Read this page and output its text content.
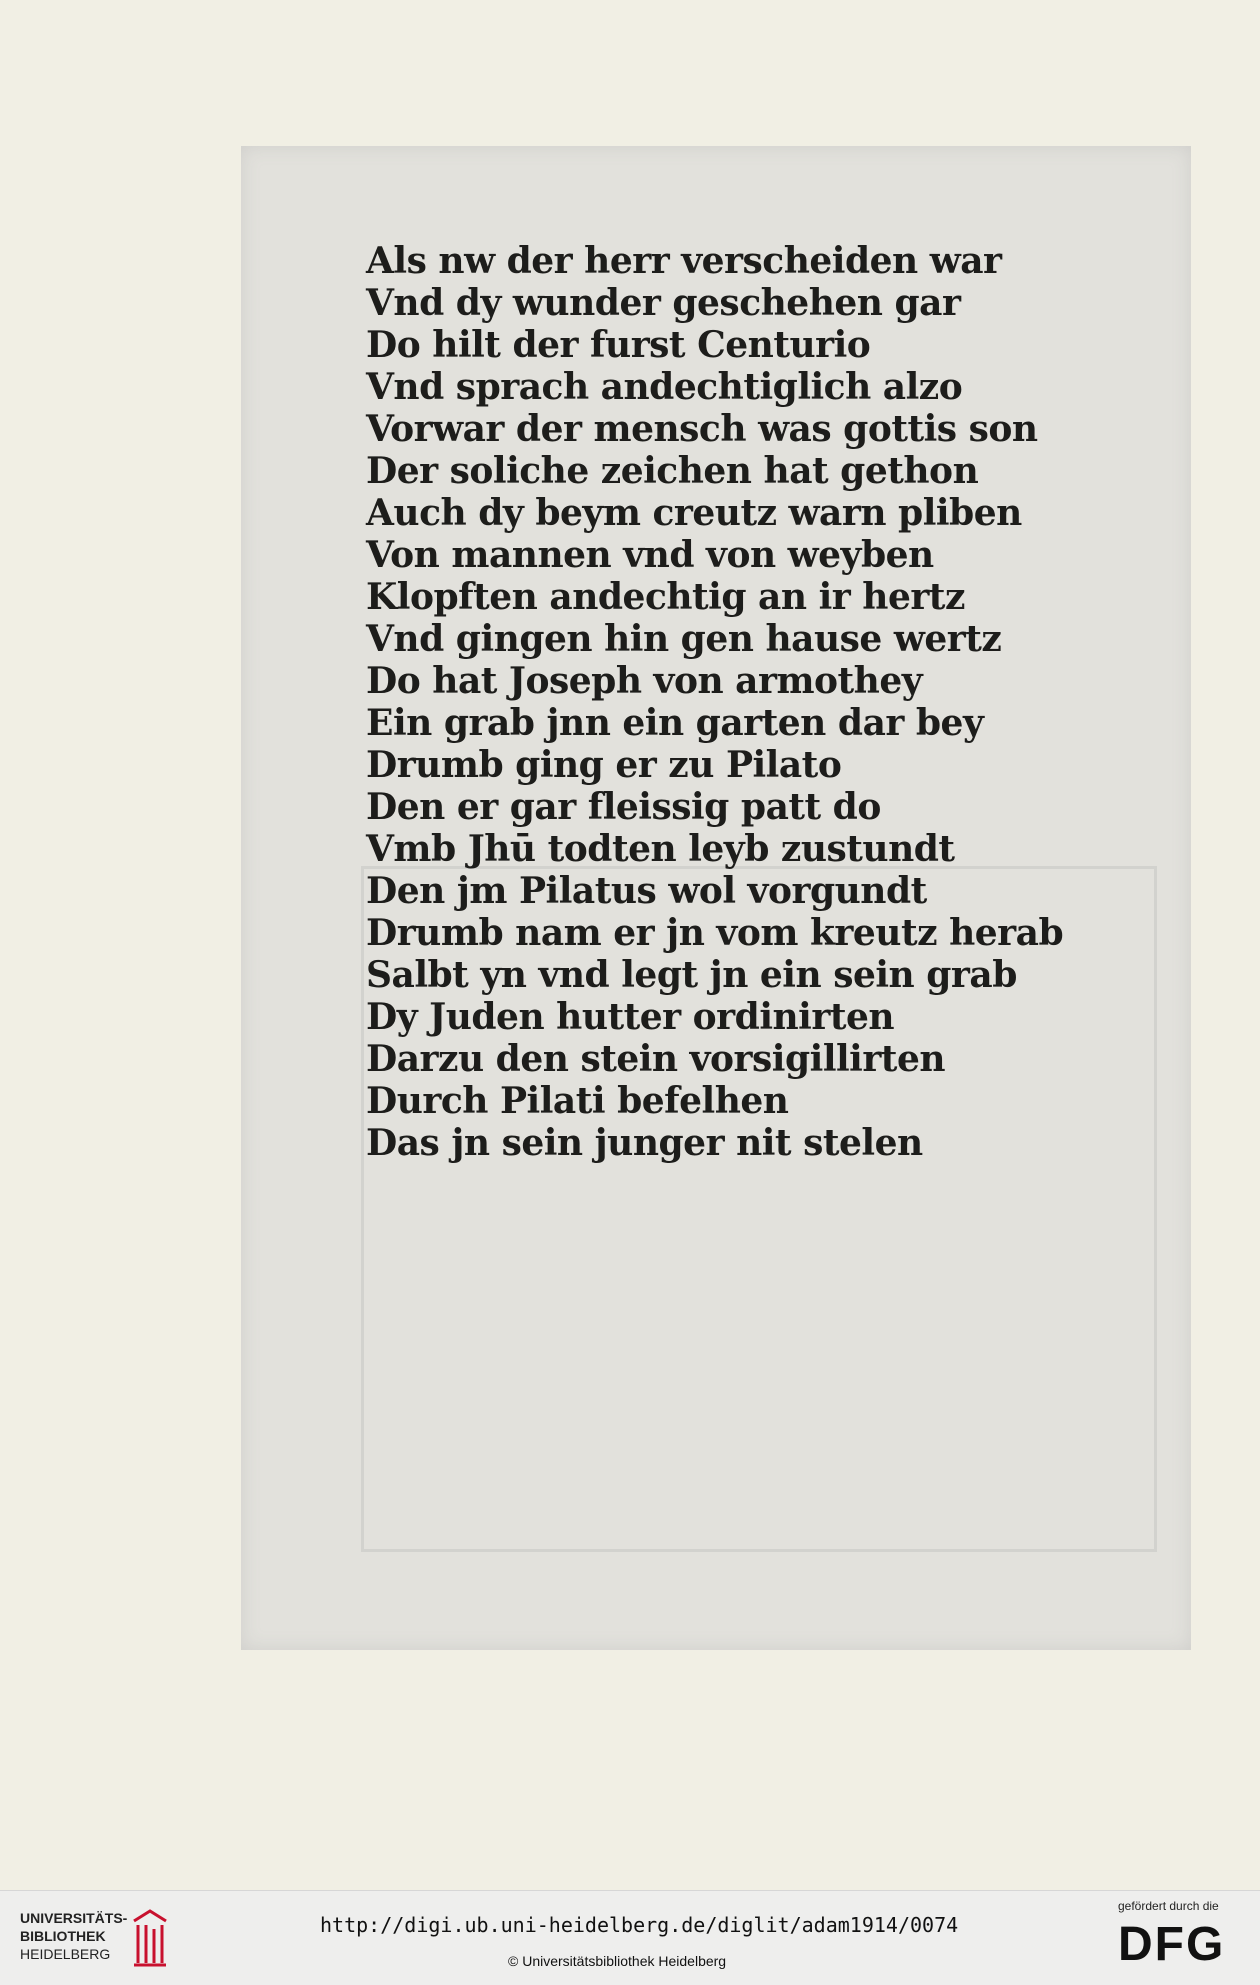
Als nw der herr verscheiden war
Vnd dy wunder geschehen gar
Do hilt der furst Centurio
Vnd sprach andechtiglich alzo
Vorwar der mensch was gottis son
Der soliche zeichen hat gethon
Auch dy beym creutz warn pliben
Von mannen vnd von weyben
Klopften andechtig an ir hertz
Vnd gingen hin gen hause wertz
Do hat Joseph von armothey
Ein grab jnn ein garten dar bey
Drumb ging er zu Pilato
Den er gar fleissig patt do
Vmb Jhū todten leyb zustundt
Den jm Pilatus wol vorgundt
Drumb nam er jn vom kreutz herab
Salbt yn vnd legt jn ein sein grab
Dy Juden hutter ordinirten
Darzu den stein vorsigillirten
Durch Pilati befelhen
Das jn sein junger nit stelen
UNIVERSITÄTS-
BIBLIOTHEK
HEIDELBERG
http://digi.ub.uni-heidelberg.de/diglit/adam1914/0074
© Universitätsbibliothek Heidelberg
gefördert durch die
DFG
